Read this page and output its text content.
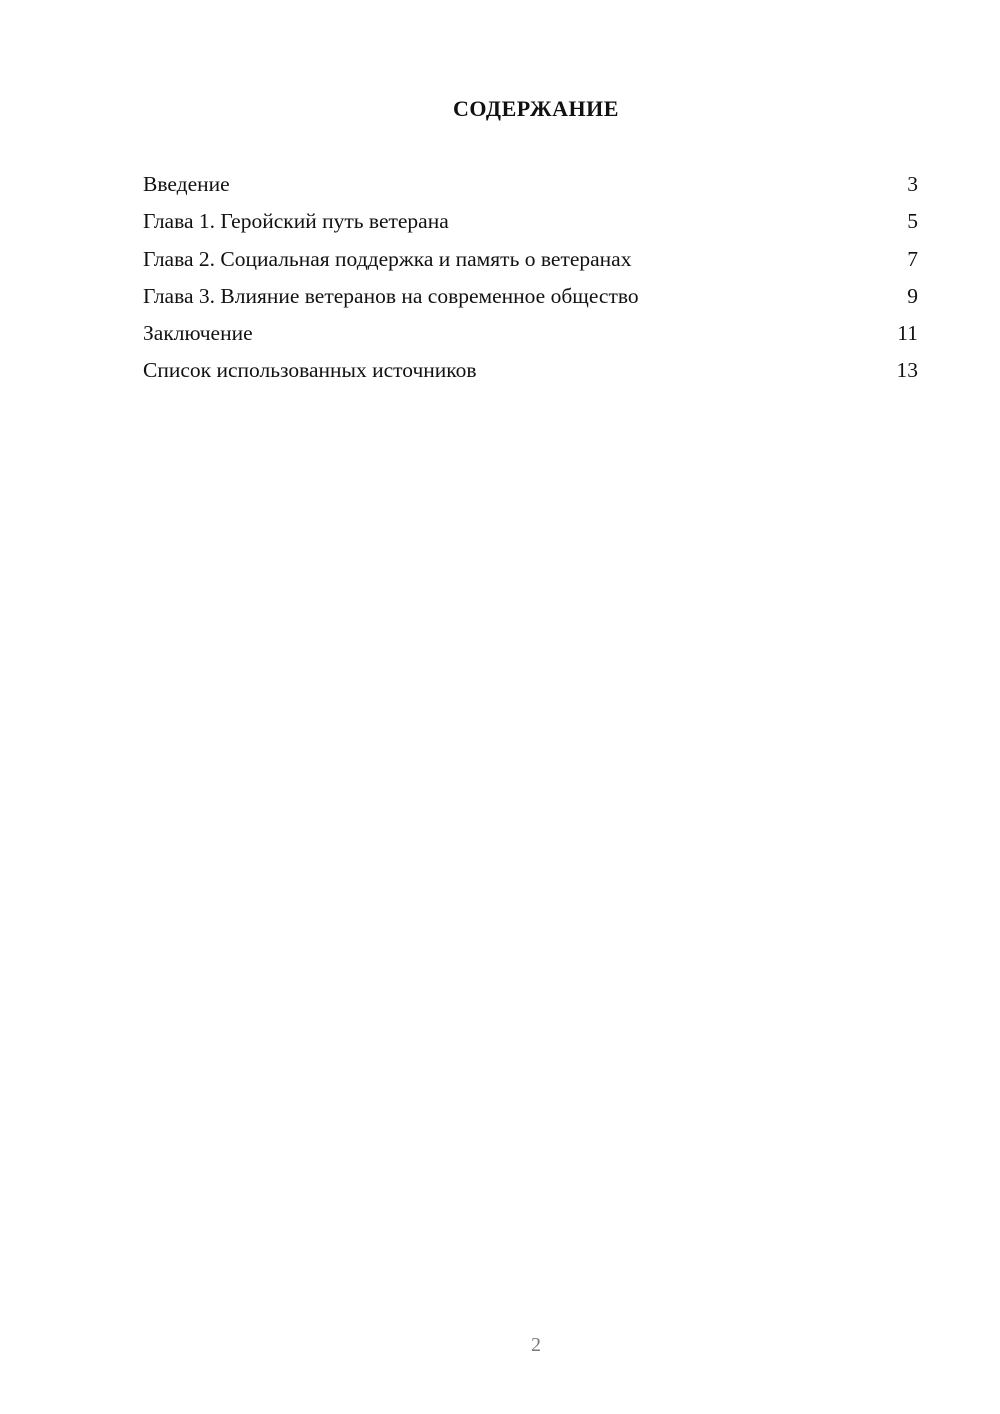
СОДЕРЖАНИЕ
Введение	3
Глава 1. Геройский путь ветерана	5
Глава 2. Социальная поддержка и память о ветеранах	7
Глава 3. Влияние ветеранов на современное общество	9
Заключение	11
Список использованных источников	13
2
